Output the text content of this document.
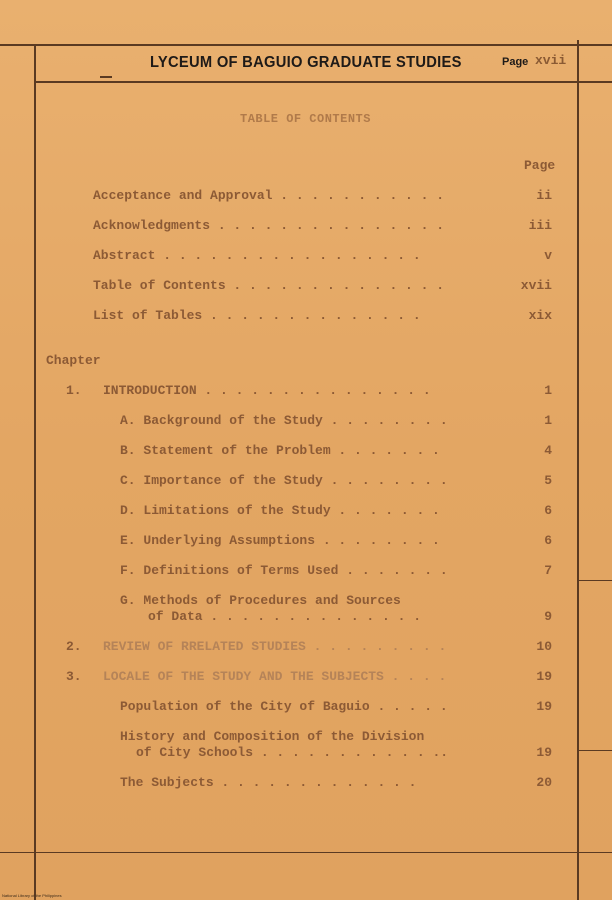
LYCEUM OF BAGUIO GRADUATE STUDIES	Page xvii
TABLE OF CONTENTS
Page
Acceptance and Approval . . . . . . . . . . .	ii
Acknowledgments . . . . . . . . . . . . . . .	iii
Abstract . . . . . . . . . . . . . . . . .	v
Table of Contents . . . . . . . . . . . . . .	xvii
List of Tables . . . . . . . . . . . . . .	xix
Chapter
1. INTRODUCTION . . . . . . . . . . . . . . .	1
A. Background of the Study . . . . . . . .	1
B. Statement of the Problem . . . . . . .	4
C. Importance of the Study . . . . . . . .	5
D. Limitations of the Study . . . . . . .	6
E. Underlying Assumptions . . . . . . . .	6
F. Definitions of Terms Used . . . . . . .	7
G. Methods of Procedures and Sources
of Data . . . . . . . . . . . . . .	9
2. REVIEW OF RRELATED STUDIES . . . . . . . . .	10
3. LOCALE OF THE STUDY AND THE SUBJECTS . . . .	19
Population of the City of Baguio . . . . .	19
History and Composition of the Division
of City Schools . . . . . . . . . . . ..	19
The Subjects . . . . . . . . . . . . .	20
National Library of the Philippines
